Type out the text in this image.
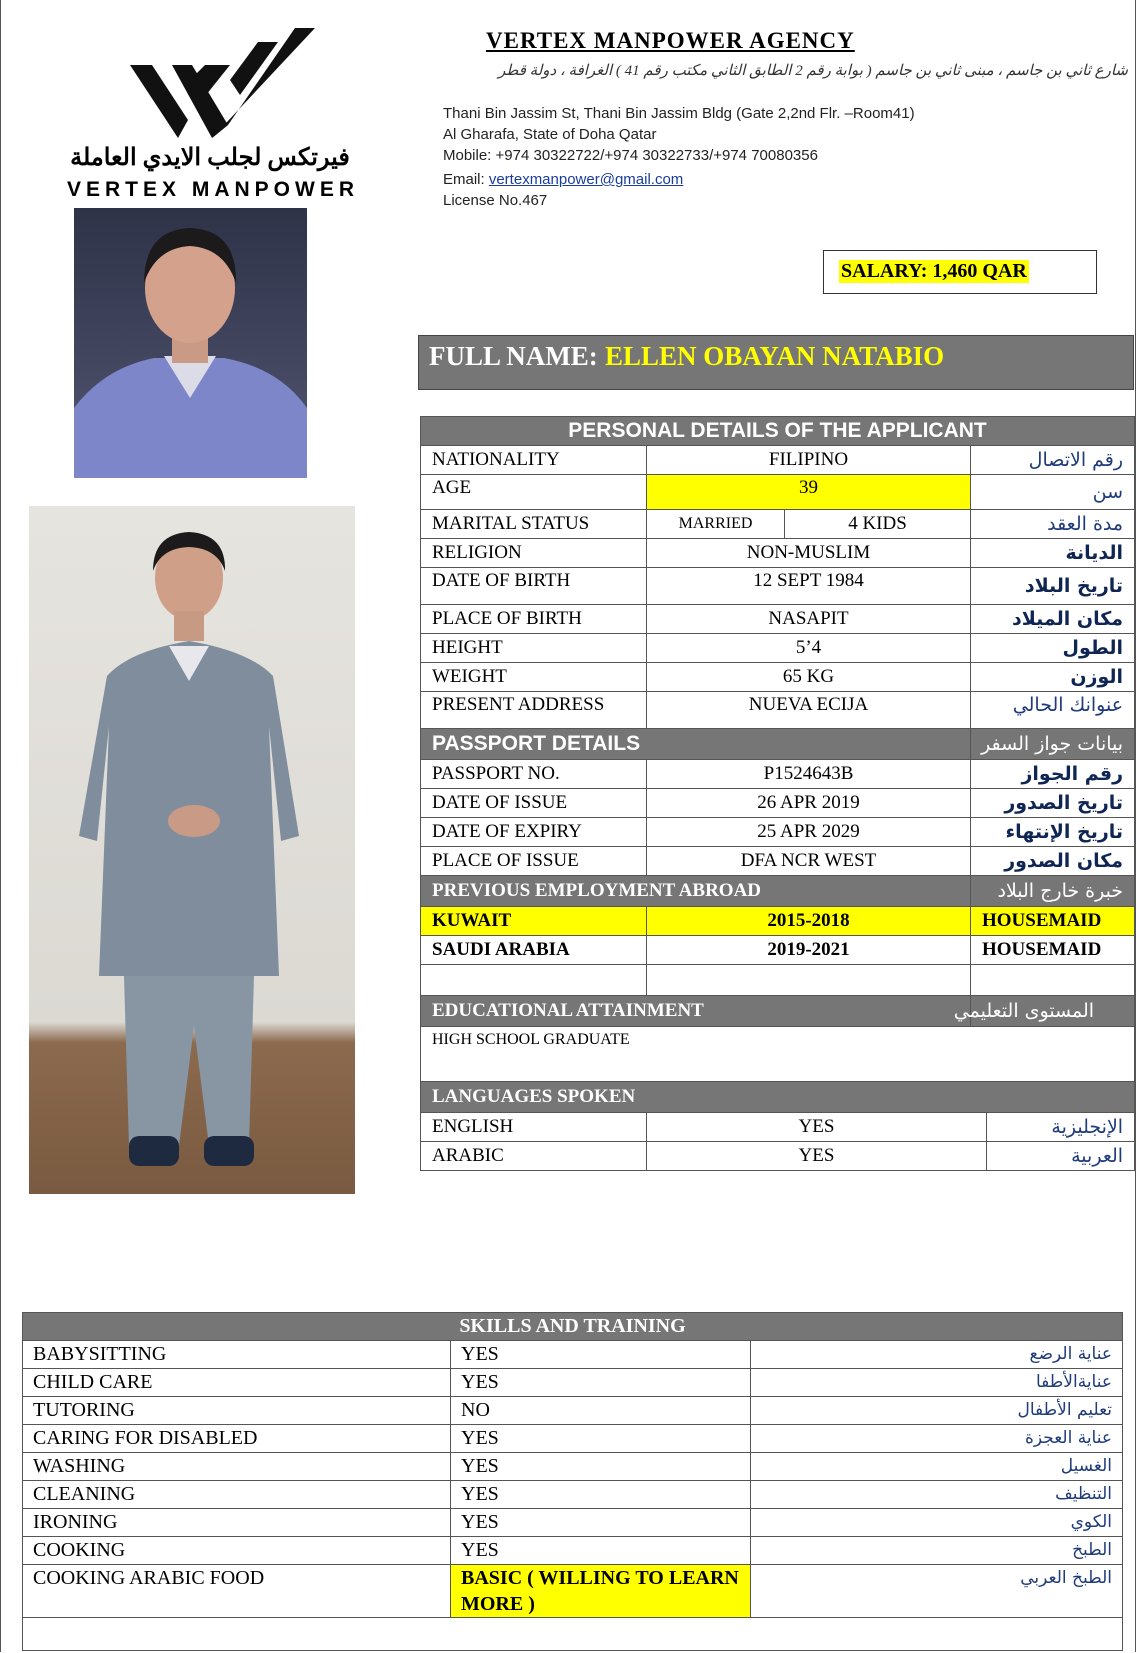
فيرتكس لجلب الايدي العاملة
VERTEX MANPOWER
VERTEX MANPOWER AGENCY
شارع ثاني بن جاسم ، مبنى ثاني بن جاسم ( بوابة رقم 2 الطابق الثاني مكتب رقم 41 ) الغرافة ، دولة قطر
Thani Bin Jassim St, Thani Bin Jassim Bldg (Gate 2,2nd Flr. –Room41)
Al Gharafa, State of Doha Qatar
Mobile: +974 30322722/+974 30322733/+974 70080356
Email: vertexmanpower@gmail.com
License No.467
SALARY: 1,460 QAR
FULL NAME: ELLEN OBAYAN NATABIO
PERSONAL DETAILS OF THE APPLICANT				
NATIONALITY	FILIPINO		رقم الاتصال	
AGE	39		سن	
MARITAL STATUS	MARRIED	4 KIDS	مدة العقد	
RELIGION	NON-MUSLIM		الديانة	
DATE OF BIRTH	12 SEPT 1984		تاريخ البلاد	
PLACE OF BIRTH	NASAPIT		مكان الميلاد	
HEIGHT	5’4		الطول	
WEIGHT	65 KG		الوزن	
PRESENT ADDRESS	NUEVA ECIJA		عنوانك الحالي	
PASSPORT DETAILS			بيانات جواز السفر	
PASSPORT NO.	P1524643B		رقم الجواز	
DATE OF ISSUE	26 APR 2019		تاريخ الصدور	
DATE OF EXPIRY	25 APR 2029		تاريخ الإنتهاء	
PLACE OF ISSUE	DFA NCR WEST		مكان الصدور	
PREVIOUS EMPLOYMENT ABROAD			خبرة خارج البلاد	
KUWAIT	2015-2018		HOUSEMAID	
SAUDI ARABIA	2019-2021		HOUSEMAID	

EDUCATIONAL ATTAINMENT			المستوى التعليمي	
HIGH SCHOOL GRADUATE				
LANGUAGES SPOKEN				
ENGLISH	YES			الإنجليزية
ARABIC	YES			العربية
SKILLS AND TRAINING		
BABYSITTING	YES	عناية الرضع
CHILD CARE	YES	عنايةالأطفا
TUTORING	NO	تعليم الأطفال
CARING FOR DISABLED	YES	عناية العجزة
WASHING	YES	الغسيل
CLEANING	YES	التنظيف
IRONING	YES	الكوي
COOKING	YES	الطبخ
COOKING ARABIC FOOD	BASIC ( WILLING TO LEARN MORE )	الطبخ العربي
